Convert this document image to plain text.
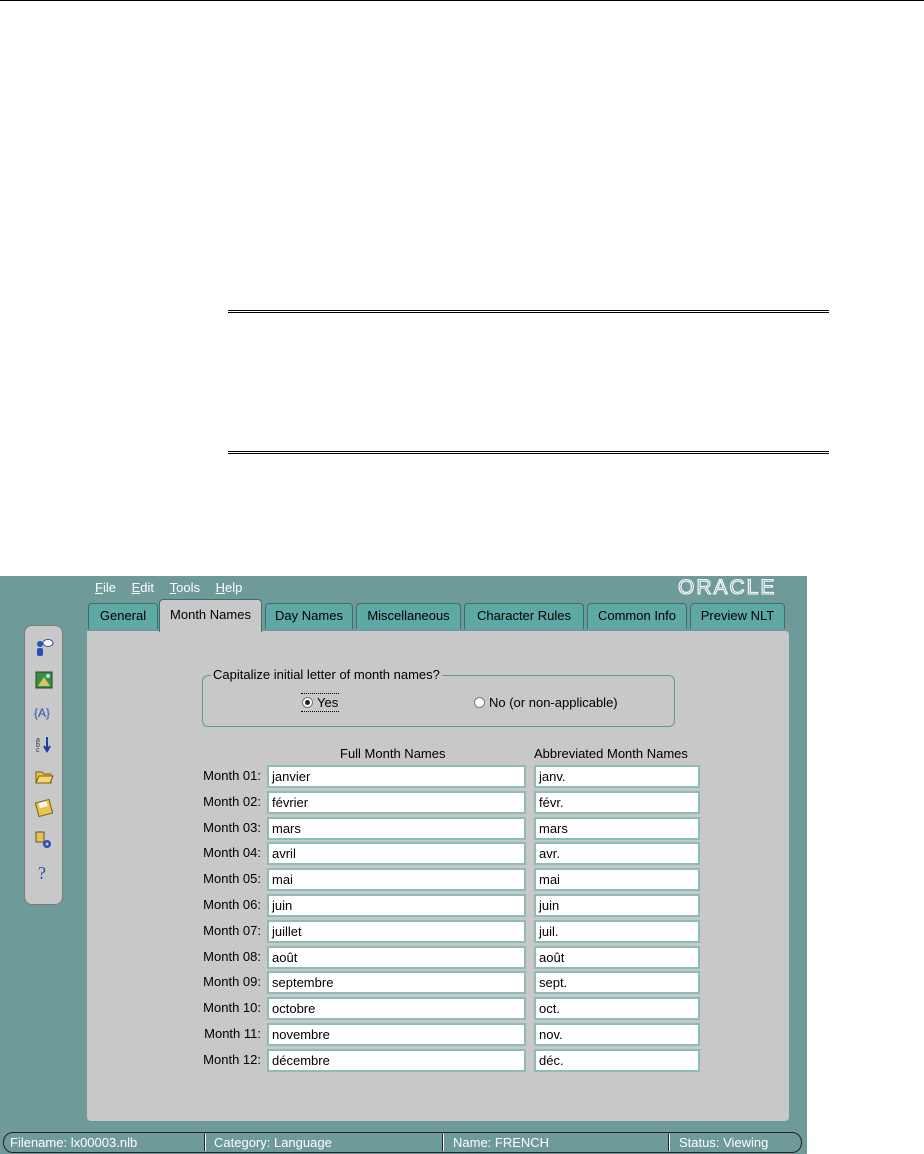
File Edit Tools Help	ORACLE
General	Month Names	Day Names	Miscellaneous	Character Rules	Common Info	Preview NLT
{A}
a
b
c
?
Capitalize initial letter of month names?
Yes	No (or non-applicable)
Full Month Names	Abbreviated Month Names
Month 01: janvier	janv.
Month 02: février	févr.
Month 03: mars	mars
Month 04: avril	avr.
Month 05: mai	mai
Month 06: juin	juin
Month 07: juillet	juil.
Month 08: août	août
Month 09: septembre	sept.
Month 10: octobre	oct.
Month 11: novembre	nov.
Month 12: décembre	déc.
Filename: lx00003.nlb	Category: Language	Name: FRENCH	Status: Viewing
